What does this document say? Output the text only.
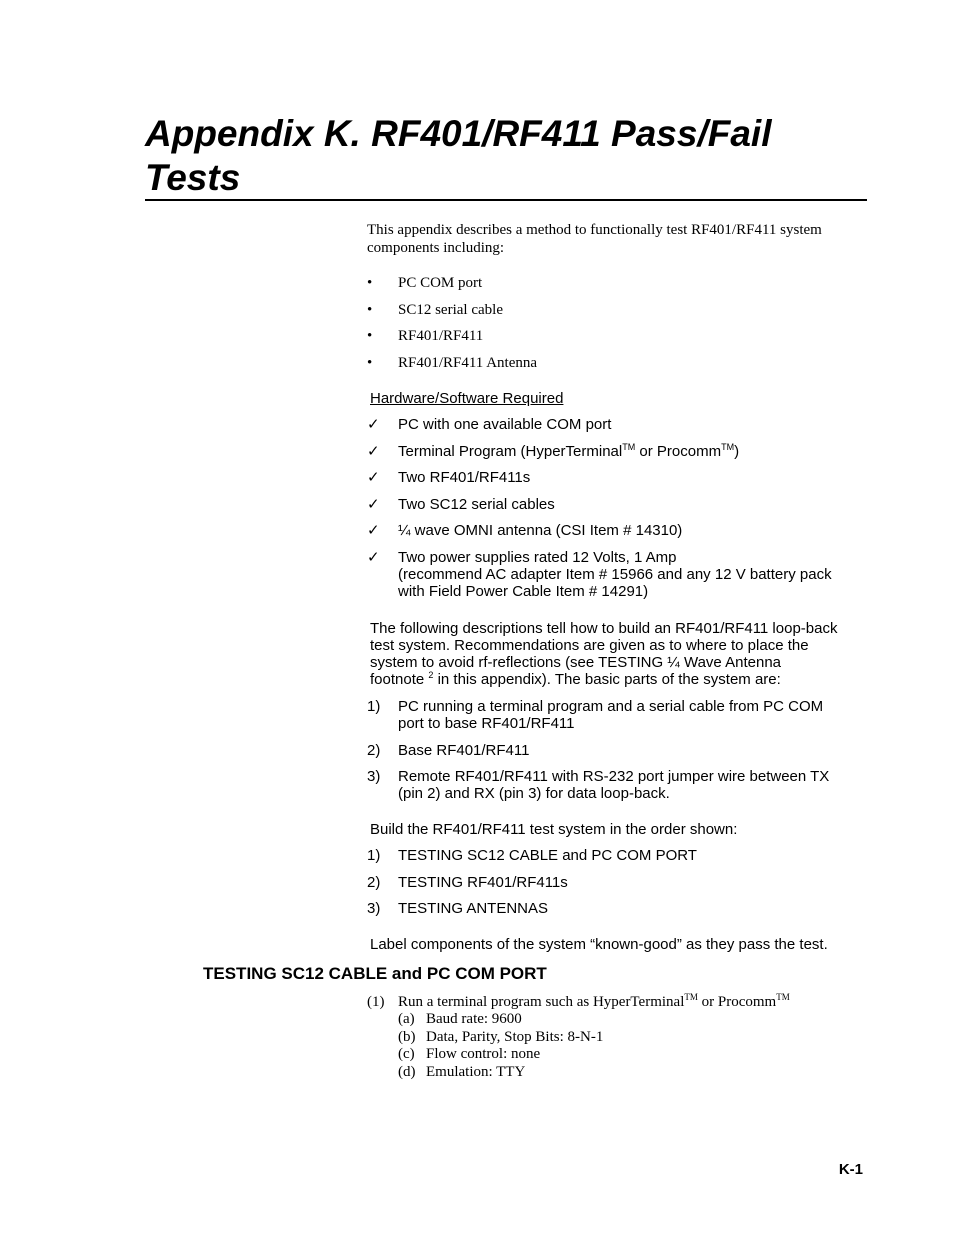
Appendix K. RF401/RF411 Pass/Fail
Tests
This appendix describes a method to functionally test RF401/RF411 system
components including:
• PC COM port
• SC12 serial cable
• RF401/RF411
• RF401/RF411 Antenna
Hardware/Software Required
✓ PC with one available COM port
✓ Terminal Program (HyperTerminal™ or Procomm™)
✓ Two RF401/RF411s
✓ Two SC12 serial cables
✓ ¼ wave OMNI antenna (CSI Item # 14310)
✓ Two power supplies rated 12 Volts, 1 Amp
(recommend AC adapter Item # 15966 and any 12 V battery pack
with Field Power Cable Item # 14291)
The following descriptions tell how to build an RF401/RF411 loop-back
test system. Recommendations are given as to where to place the
system to avoid rf-reflections (see TESTING ¼ Wave Antenna
footnote $^2$ in this appendix). The basic parts of the system are:
1) PC running a terminal program and a serial cable from PC COM
port to base RF401/RF411
2) Base RF401/RF411
3) Remote RF401/RF411 with RS-232 port jumper wire between TX
(pin 2) and RX (pin 3) for data loop-back.
Build the RF401/RF411 test system in the order shown:
1) TESTING SC12 CABLE and PC COM PORT
2) TESTING RF401/RF411s
3) TESTING ANTENNAS
Label components of the system “known-good” as they pass the test.
TESTING SC12 CABLE and PC COM PORT
(1) Run a terminal program such as HyperTerminal™ or Procomm™
(a) Baud rate: 9600
(b) Data, Parity, Stop Bits: 8-N-1
(c) Flow control: none
(d) Emulation: TTY
K-1
